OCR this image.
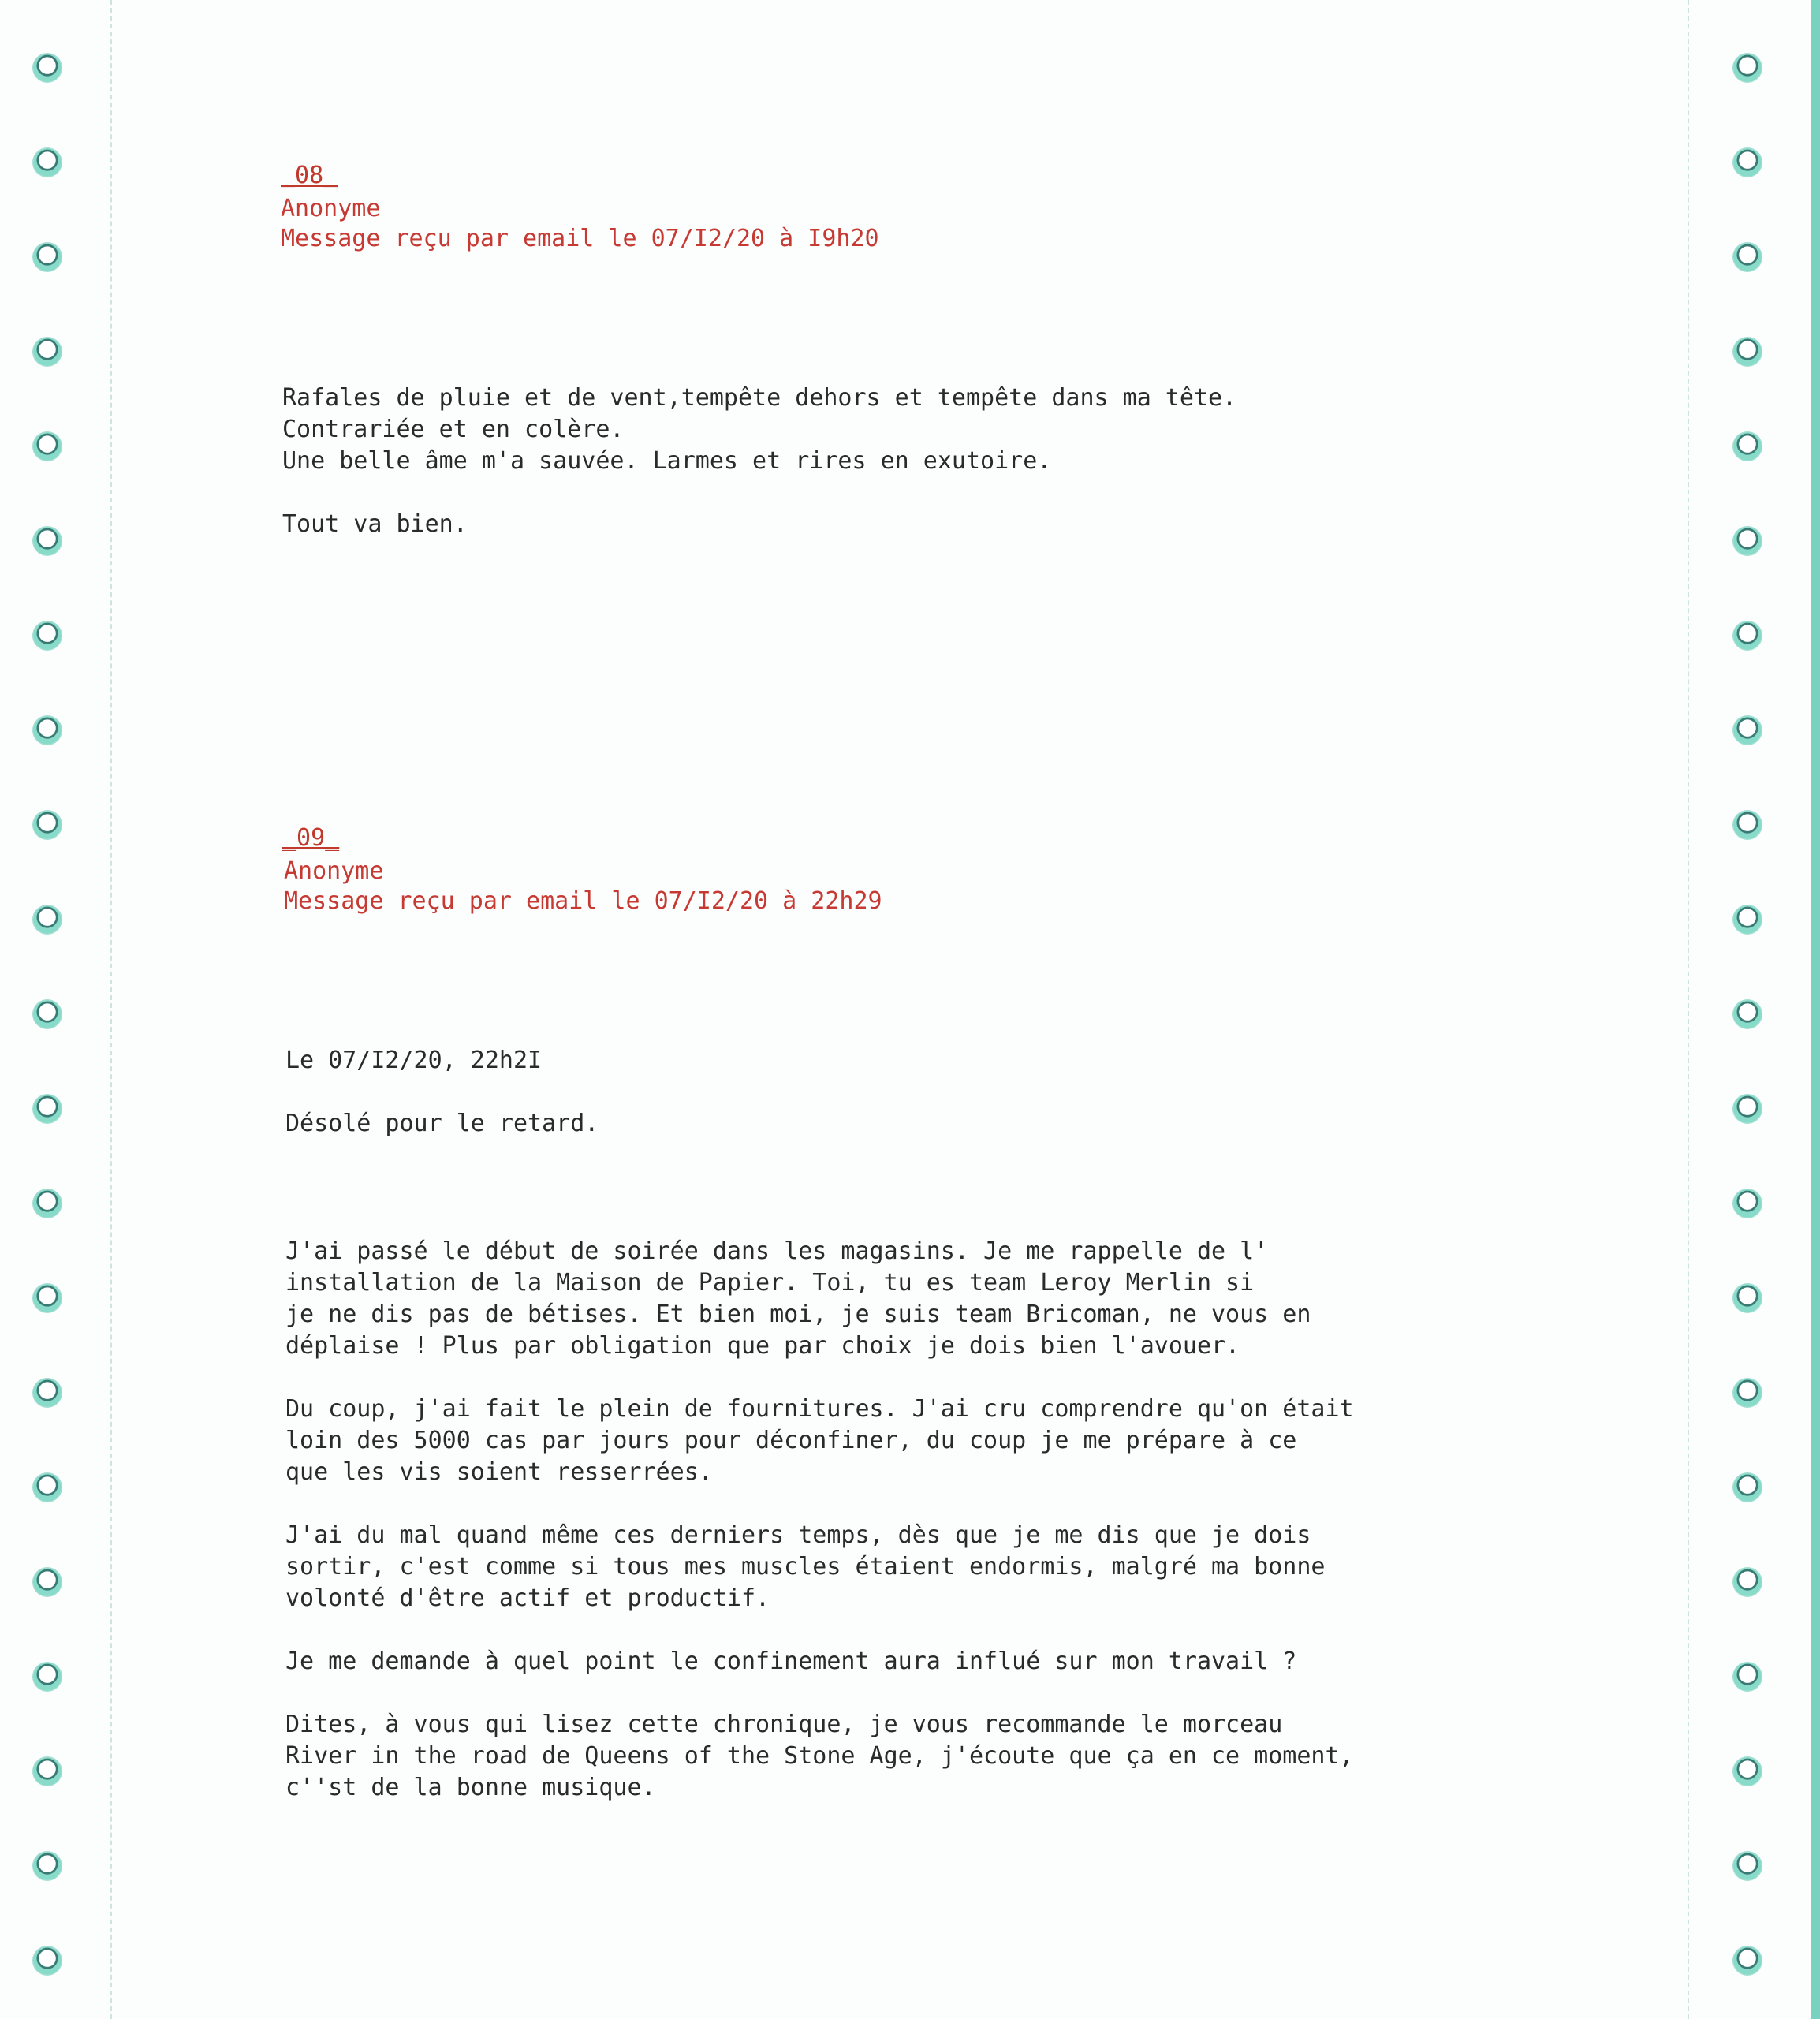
_08_
Anonyme
Message reçu par email le 07/I2/20 à I9h20
Rafales de pluie et de vent,tempête dehors et tempête dans ma tête.
Contrariée et en colère.
Une belle âme m'a sauvée. Larmes et rires en exutoire.
Tout va bien.
_09_
Anonyme
Message reçu par email le 07/I2/20 à 22h29
Le 07/I2/20, 22h2I
Désolé pour le retard.
J'ai passé le début de soirée dans les magasins. Je me rappelle de l'
installation de la Maison de Papier. Toi, tu es team Leroy Merlin si
je ne dis pas de bétises. Et bien moi, je suis team Bricoman, ne vous en
déplaise ! Plus par obligation que par choix je dois bien l'avouer.
Du coup, j'ai fait le plein de fournitures. J'ai cru comprendre qu'on était
loin des 5000 cas par jours pour déconfiner, du coup je me prépare à ce
que les vis soient resserrées.
J'ai du mal quand même ces derniers temps, dès que je me dis que je dois
sortir, c'est comme si tous mes muscles étaient endormis, malgré ma bonne
volonté d'être actif et productif.
Je me demande à quel point le confinement aura influé sur mon travail ?
Dites, à vous qui lisez cette chronique, je vous recommande le morceau
River in the road de Queens of the Stone Age, j'écoute que ça en ce moment,
c''st de la bonne musique.
